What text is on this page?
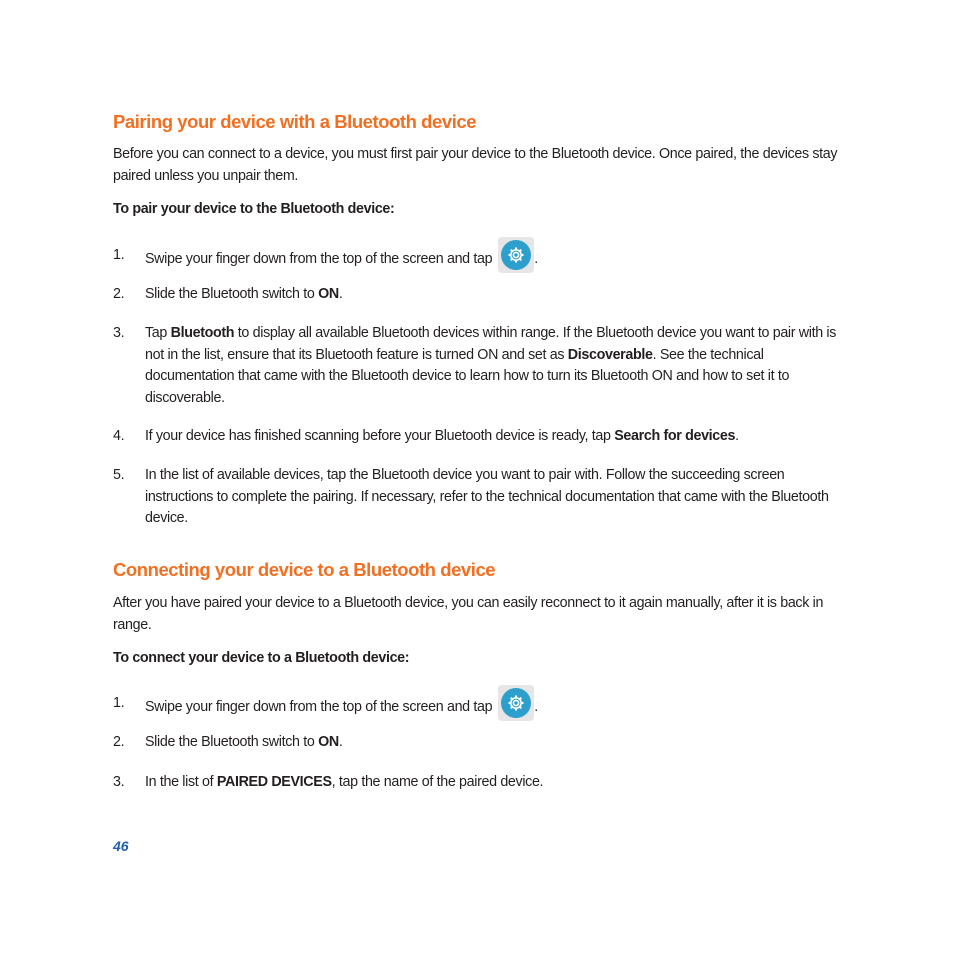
Pairing your device with a Bluetooth device
Before you can connect to a device, you must first pair your device to the Bluetooth device. Once paired, the devices stay paired unless you unpair them.
To pair your device to the Bluetooth device:
1. Swipe your finger down from the top of the screen and tap	.
2. Slide the Bluetooth switch to ON.
3. Tap Bluetooth to display all available Bluetooth devices within range. If the Bluetooth device you want to pair with is not in the list, ensure that its Bluetooth feature is turned ON and set as Discoverable. See the technical documentation that came with the Bluetooth device to learn how to turn its Bluetooth ON and how to set it to discoverable.
4. If your device has finished scanning before your Bluetooth device is ready, tap Search for devices.
5. In the list of available devices, tap the Bluetooth device you want to pair with. Follow the succeeding screen instructions to complete the pairing. If necessary, refer to the technical documentation that came with the Bluetooth device.
Connecting your device to a Bluetooth device
After you have paired your device to a Bluetooth device, you can easily reconnect to it again manually, after it is back in range.
To connect your device to a Bluetooth device:
1. Swipe your finger down from the top of the screen and tap	.
2. Slide the Bluetooth switch to ON.
3. In the list of PAIRED DEVICES, tap the name of the paired device.
46
